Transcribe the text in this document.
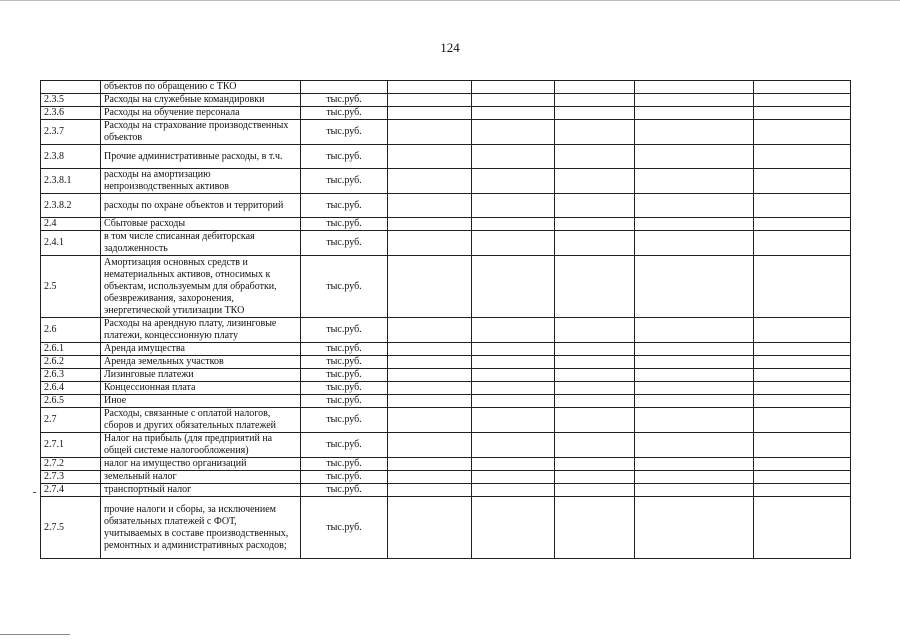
124
	объектов по обращению с ТКО						
2.3.5	Расходы на служебные командировки	тыс.руб.					
2.3.6	Расходы на обучение персонала	тыс.руб.					
2.3.7	Расходы на страхование производственных объектов	тыс.руб.					
2.3.8	Прочие административные расходы, в т.ч.	тыс.руб.					
2.3.8.1	расходы на амортизацию непроизводственных активов	тыс.руб.					
2.3.8.2	расходы по охране объектов и территорий	тыс.руб.					
2.4	Сбытовые расходы	тыс.руб.					
2.4.1	в том числе списанная дебиторская задолженность	тыс.руб.					
2.5	Амортизация основных средств и нематериальных активов, относимых к объектам, используемым для обработки, обезвреживания, захоронения, энергетической утилизации ТКО	тыс.руб.					
2.6	Расходы на арендную плату, лизинговые платежи, концессионную плату	тыс.руб.					
2.6.1	Аренда имущества	тыс.руб.					
2.6.2	Аренда земельных участков	тыс.руб.					
2.6.3	Лизинговые платежи	тыс.руб.					
2.6.4	Концессионная плата	тыс.руб.					
2.6.5	Иное	тыс.руб.					
2.7	Расходы, связанные с оплатой налогов, сборов и других обязательных платежей	тыс.руб.					
2.7.1	Налог на прибыль (для предприятий на общей системе налогообложения)	тыс.руб.					
2.7.2	налог на имущество организаций	тыс.руб.					
2.7.3	земельный налог	тыс.руб.					
2.7.4	транспортный налог	тыс.руб.					
2.7.5	прочие налоги и сборы, за исключением обязательных платежей с ФОТ, учитываемых в составе производственных, ремонтных и административных расходов;	тыс.руб.					
